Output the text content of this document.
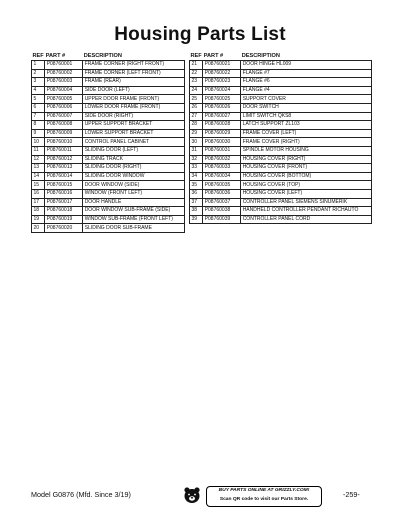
Housing Parts List
REF	PART #	DESCRIPTION
1	P08760001	FRAME CORNER (RIGHT FRONT)
2	P08760002	FRAME CORNER (LEFT FRONT)
3	P08760003	FRAME (REAR)
4	P08760004	SIDE DOOR (LEFT)
5	P08760005	UPPER DOOR FRAME (FRONT)
6	P08760006	LOWER DOOR FRAME (FRONT)
7	P08760007	SIDE DOOR (RIGHT)
8	P08760008	UPPER SUPPORT BRACKET
9	P08760009	LOWER SUPPORT BRACKET
10	P08760010	CONTROL PANEL CABINET
11	P08760011	SLIDING DOOR (LEFT)
12	P08760012	SLIDING TRACK
13	P08760013	SLIDING DOOR (RIGHT)
14	P08760014	SLIDING DOOR WINDOW
15	P08760015	DOOR WINDOW (SIDE)
16	P08760016	WINDOW (FRONT LEFT)
17	P08760017	DOOR HANDLE
18	P08760018	DOOR WINDOW SUB-FRAME (SIDE)
19	P08760019	WINDOW SUB-FRAME (FRONT LEFT)
20	P08760020	SLIDING DOOR SUB-FRAME
REF	PART #	DESCRIPTION
21	P08760021	DOOR HINGE HL009
22	P08760022	FLANGE #7
23	P08760023	FLANGE #6
24	P08760024	FLANGE #4
25	P08760025	SUPPORT COVER
26	P08760026	DOOR SWITCH
27	P08760027	LIMIT SWITCH QKS8
28	P08760028	LATCH SUPPORT ZL103
29	P08760029	FRAME COVER (LEFT)
30	P08760030	FRAME COVER (RIGHT)
31	P08760031	SPINDLE MOTOR HOUSING
32	P08760032	HOUSING COVER (RIGHT)
33	P08760033	HOUSING COVER (FRONT)
34	P08760034	HOUSING COVER (BOTTOM)
35	P08760035	HOUSING COVER (TOP)
36	P08760036	HOUSING COVER (LEFT)
37	P08760037	CONTROLLER PANEL SIEMENS SINUMERIK
38	P08760038	HANDHELD CONTROLLER PENDANT RICHAUTO
39	P08760039	CONTROLLER PANEL CORD
Model G0876 (Mfd. Since 3/19)	BUY PARTS ONLINE AT GRIZZLY.COM!
Scan QR code to visit our Parts Store.	-259-
